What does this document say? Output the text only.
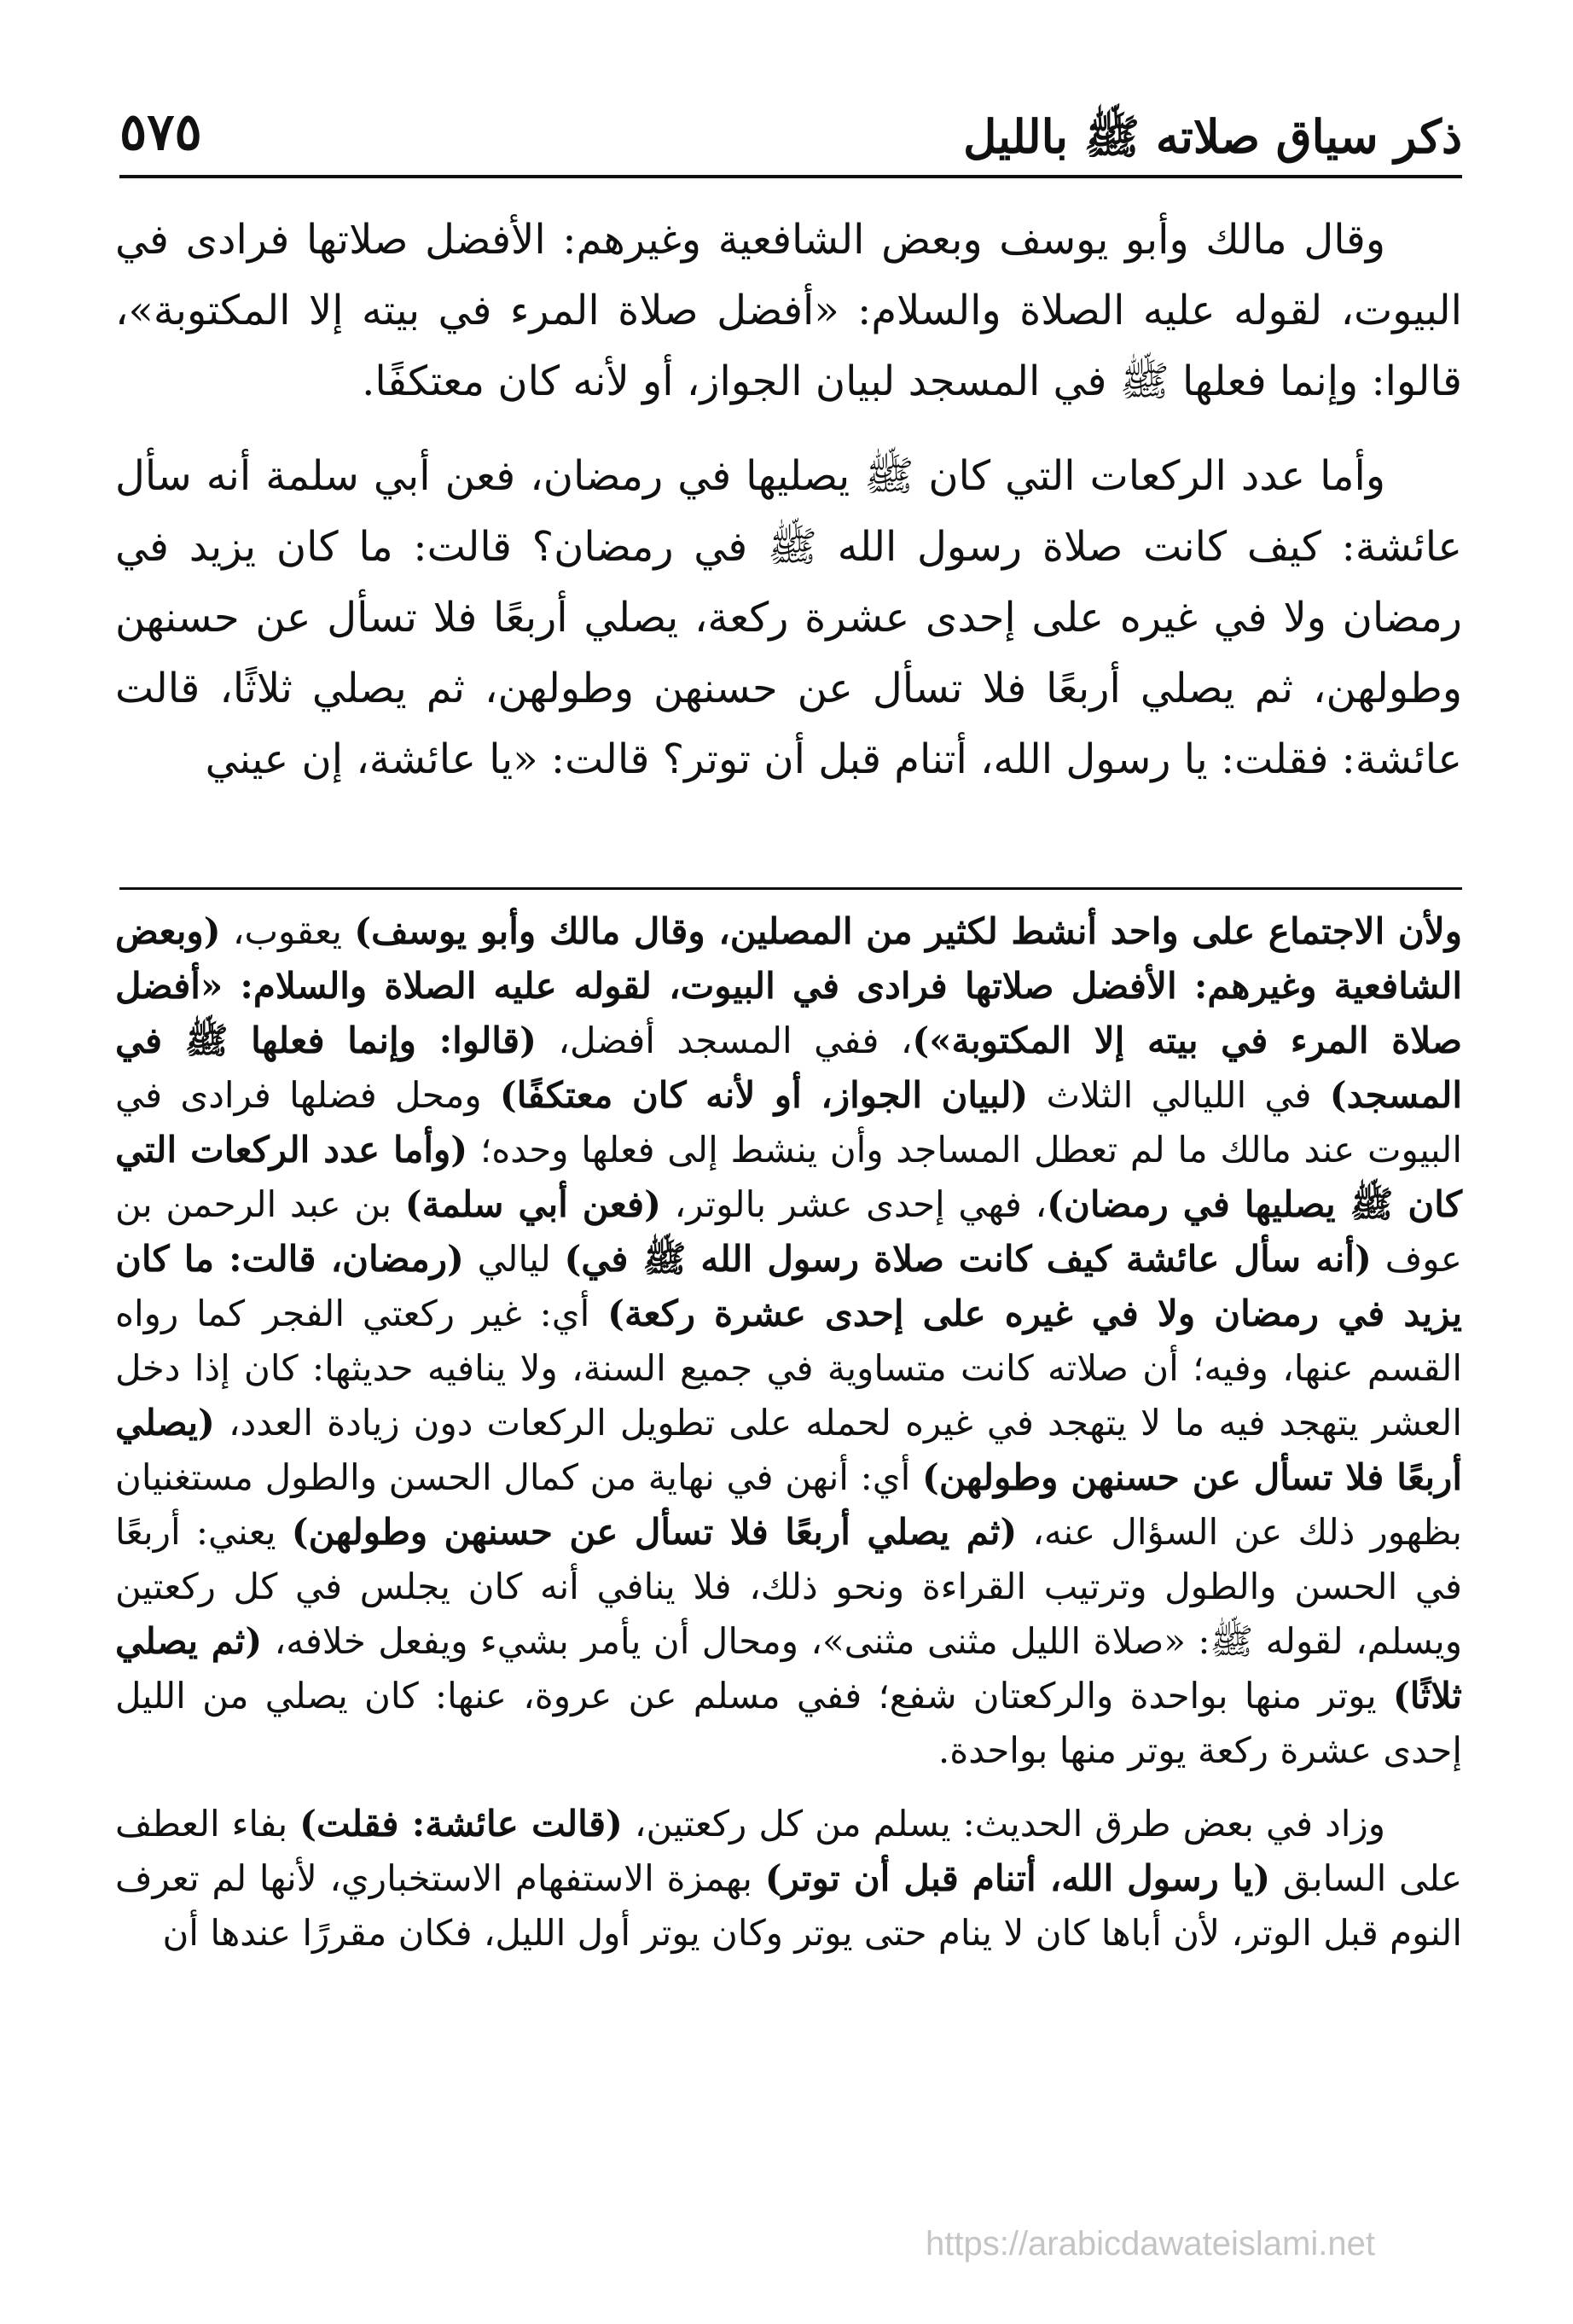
ذكر سياق صلاته ﷺ بالليل
٥٧٥

وقال مالك وأبو يوسف وبعض الشافعية وغيرهم: الأفضل صلاتها فرادى في البيوت، لقوله عليه الصلاة والسلام: «أفضل صلاة المرء في بيته إلا المكتوبة»، قالوا: وإنما فعلها ﷺ في المسجد لبيان الجواز، أو لأنه كان معتكفًا.

وأما عدد الركعات التي كان ﷺ يصليها في رمضان، فعن أبي سلمة أنه سأل عائشة: كيف كانت صلاة رسول الله ﷺ في رمضان؟ قالت: ما كان يزيد في رمضان ولا في غيره على إحدى عشرة ركعة، يصلي أربعًا فلا تسأل عن حسنهن وطولهن، ثم يصلي أربعًا فلا تسأل عن حسنهن وطولهن، ثم يصلي ثلاثًا، قالت عائشة: فقلت: يا رسول الله، أتنام قبل أن توتر؟ قالت: «يا عائشة، إن عيني

ولأن الاجتماع على واحد أنشط لكثير من المصلين، وقال مالك وأبو يوسف) يعقوب، (وبعض الشافعية وغيرهم: الأفضل صلاتها فرادى في البيوت، لقوله عليه الصلاة والسلام: «أفضل صلاة المرء في بيته إلا المكتوبة»)، ففي المسجد أفضل، (قالوا: وإنما فعلها ﷺ في المسجد) في الليالي الثلاث (لبيان الجواز، أو لأنه كان معتكفًا) ومحل فضلها فرادى في البيوت عند مالك ما لم تعطل المساجد وأن ينشط إلى فعلها وحده؛ (وأما عدد الركعات التي كان ﷺ يصليها في رمضان)، فهي إحدى عشر بالوتر، (فعن أبي سلمة) بن عبد الرحمن بن عوف (أنه سأل عائشة كيف كانت صلاة رسول الله ﷺ في) ليالي (رمضان، قالت: ما كان يزيد في رمضان ولا في غيره على إحدى عشرة ركعة) أي: غير ركعتي الفجر كما رواه القسم عنها، وفيه؛ أن صلاته كانت متساوية في جميع السنة، ولا ينافيه حديثها: كان إذا دخل العشر يتهجد فيه ما لا يتهجد في غيره لحمله على تطويل الركعات دون زيادة العدد، (يصلي أربعًا فلا تسأل عن حسنهن وطولهن) أي: أنهن في نهاية من كمال الحسن والطول مستغنيان بظهور ذلك عن السؤال عنه، (ثم يصلي أربعًا فلا تسأل عن حسنهن وطولهن) يعني: أربعًا في الحسن والطول وترتيب القراءة ونحو ذلك، فلا ينافي أنه كان يجلس في كل ركعتين ويسلم، لقوله ﷺ: «صلاة الليل مثنى مثنى»، ومحال أن يأمر بشيء ويفعل خلافه، (ثم يصلي ثلاثًا) يوتر منها بواحدة والركعتان شفع؛ ففي مسلم عن عروة، عنها: كان يصلي من الليل إحدى عشرة ركعة يوتر منها بواحدة.

وزاد في بعض طرق الحديث: يسلم من كل ركعتين، (قالت عائشة: فقلت) بفاء العطف على السابق (يا رسول الله، أتنام قبل أن توتر) بهمزة الاستفهام الاستخباري، لأنها لم تعرف النوم قبل الوتر، لأن أباها كان لا ينام حتى يوتر وكان يوتر أول الليل، فكان مقررًا عندها أن

https://arabicdawateislami.net
